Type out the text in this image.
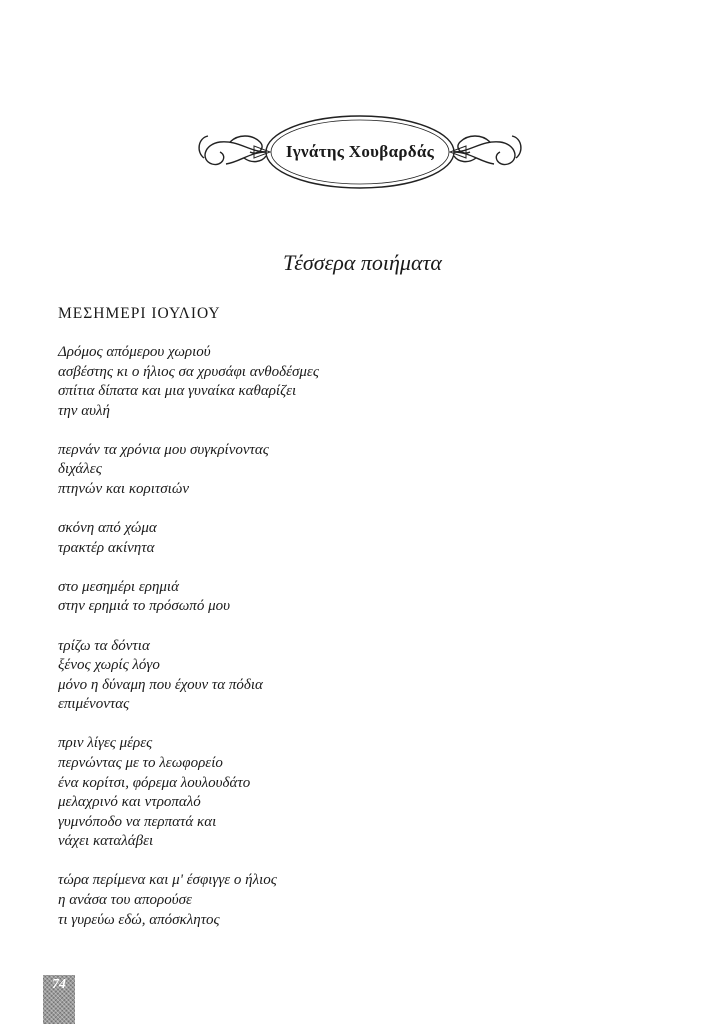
Ιγνάτης Χουβαρδάς
Τέσσερα ποιήματα
ΜΕΣΗΜΕΡΙ ΙΟΥΛΙΟΥ
Δρόμος απόμερου χωριού
ασβέστης κι ο ήλιος σα χρυσάφι ανθοδέσμες
σπίτια δίπατα και μια γυναίκα καθαρίζει
την αυλή
περνάν τα χρόνια μου συγκρίνοντας
διχάλες
πτηνών και κοριτσιών
σκόνη από χώμα
τρακτέρ ακίνητα
στο μεσημέρι ερημιά
στην ερημιά το πρόσωπό μου
τρίζω τα δόντια
ξένος χωρίς λόγο
μόνο η δύναμη που έχουν τα πόδια
επιμένοντας
πριν λίγες μέρες
περνώντας με το λεωφορείο
ένα κορίτσι, φόρεμα λουλουδάτο
μελαχρινό και ντροπαλό
γυμνόποδο να περπατά και
νάχει καταλάβει
τώρα περίμενα και μ' έσφιγγε ο ήλιος
η ανάσα του απορούσε
τι γυρεύω εδώ, απόσκλητος
74
